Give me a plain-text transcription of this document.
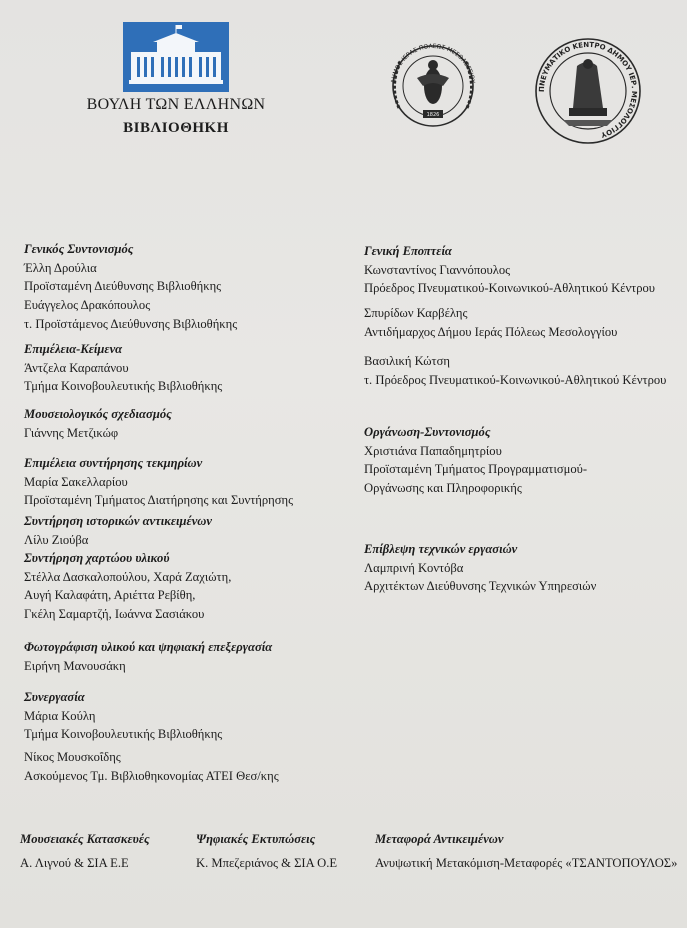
ΒΟΥΛΗ ΤΩΝ ΕΛΛΗΝΩΝ
ΒΙΒΛΙΟΘΗΚΗ
ΔΗΜΟΣ ΙΕΡΑΣ ΠΟΛΕΩΣ ΜΕΣΟΛΟΓΓΙΟΥ
1826
ΠΝΕΥΜΑΤΙΚΟ ΚΕΝΤΡΟ ΔΗΜΟΥ ΙΕΡ. ΜΕΣΟΛΟΓΓΙΟΥ
Γενικός Συντονισμός
Έλλη Δρούλια
Προϊσταμένη Διεύθυνσης Βιβλιοθήκης
Ευάγγελος Δρακόπουλος
τ. Προϊστάμενος Διεύθυνσης Βιβλιοθήκης
Επιμέλεια-Κείμενα
Άντζελα Καραπάνου
Τμήμα Κοινοβουλευτικής Βιβλιοθήκης
Μουσειολογικός σχεδιασμός
Γιάννης Μετζικώφ
Επιμέλεια συντήρησης τεκμηρίων
Μαρία Σακελλαρίου
Προϊσταμένη Τμήματος Διατήρησης και Συντήρησης
Συντήρηση ιστορικών αντικειμένων
Λίλυ Ζιούβα
Συντήρηση χαρτώου υλικού
Στέλλα Δασκαλοπούλου, Χαρά Ζαχιώτη,
Αυγή Καλαφάτη, Αριέττα Ρεβίθη,
Γκέλη Σαμαρτζή, Ιωάννα Σασιάκου
Φωτογράφιση υλικού και ψηφιακή επεξεργασία
Ειρήνη Μανουσάκη
Συνεργασία
Μάρια Κούλη
Τμήμα Κοινοβουλευτικής Βιβλιοθήκης
Νίκος Μουσκοΐδης
Ασκούμενος Τμ. Βιβλιοθηκονομίας ΑΤΕΙ Θεσ/κης
Γενική Εποπτεία
Κωνσταντίνος Γιαννόπουλος
Πρόεδρος Πνευματικού-Κοινωνικού-Αθλητικού Κέντρου
Σπυρίδων Καρβέλης
Αντιδήμαρχος Δήμου Ιεράς Πόλεως Μεσολογγίου
Βασιλική Κώτση
τ. Πρόεδρος Πνευματικού-Κοινωνικού-Αθλητικού Κέντρου
Οργάνωση-Συντονισμός
Χριστιάνα Παπαδημητρίου
Προϊσταμένη Τμήματος Προγραμματισμού-
Οργάνωσης και Πληροφορικής
Επίβλεψη τεχνικών εργασιών
Λαμπρινή Κοντόβα
Αρχιτέκτων Διεύθυνσης Τεχνικών Υπηρεσιών
Μουσειακές Κατασκευές
Α. Λιγνού & ΣΙΑ Ε.Ε
Ψηφιακές Εκτυπώσεις
Κ. Μπεζεριάνος & ΣΙΑ Ο.Ε
Μεταφορά Αντικειμένων
Ανυψωτική Μετακόμιση-Μεταφορές «ΤΣΑΝΤΟΠΟΥΛΟΣ»
